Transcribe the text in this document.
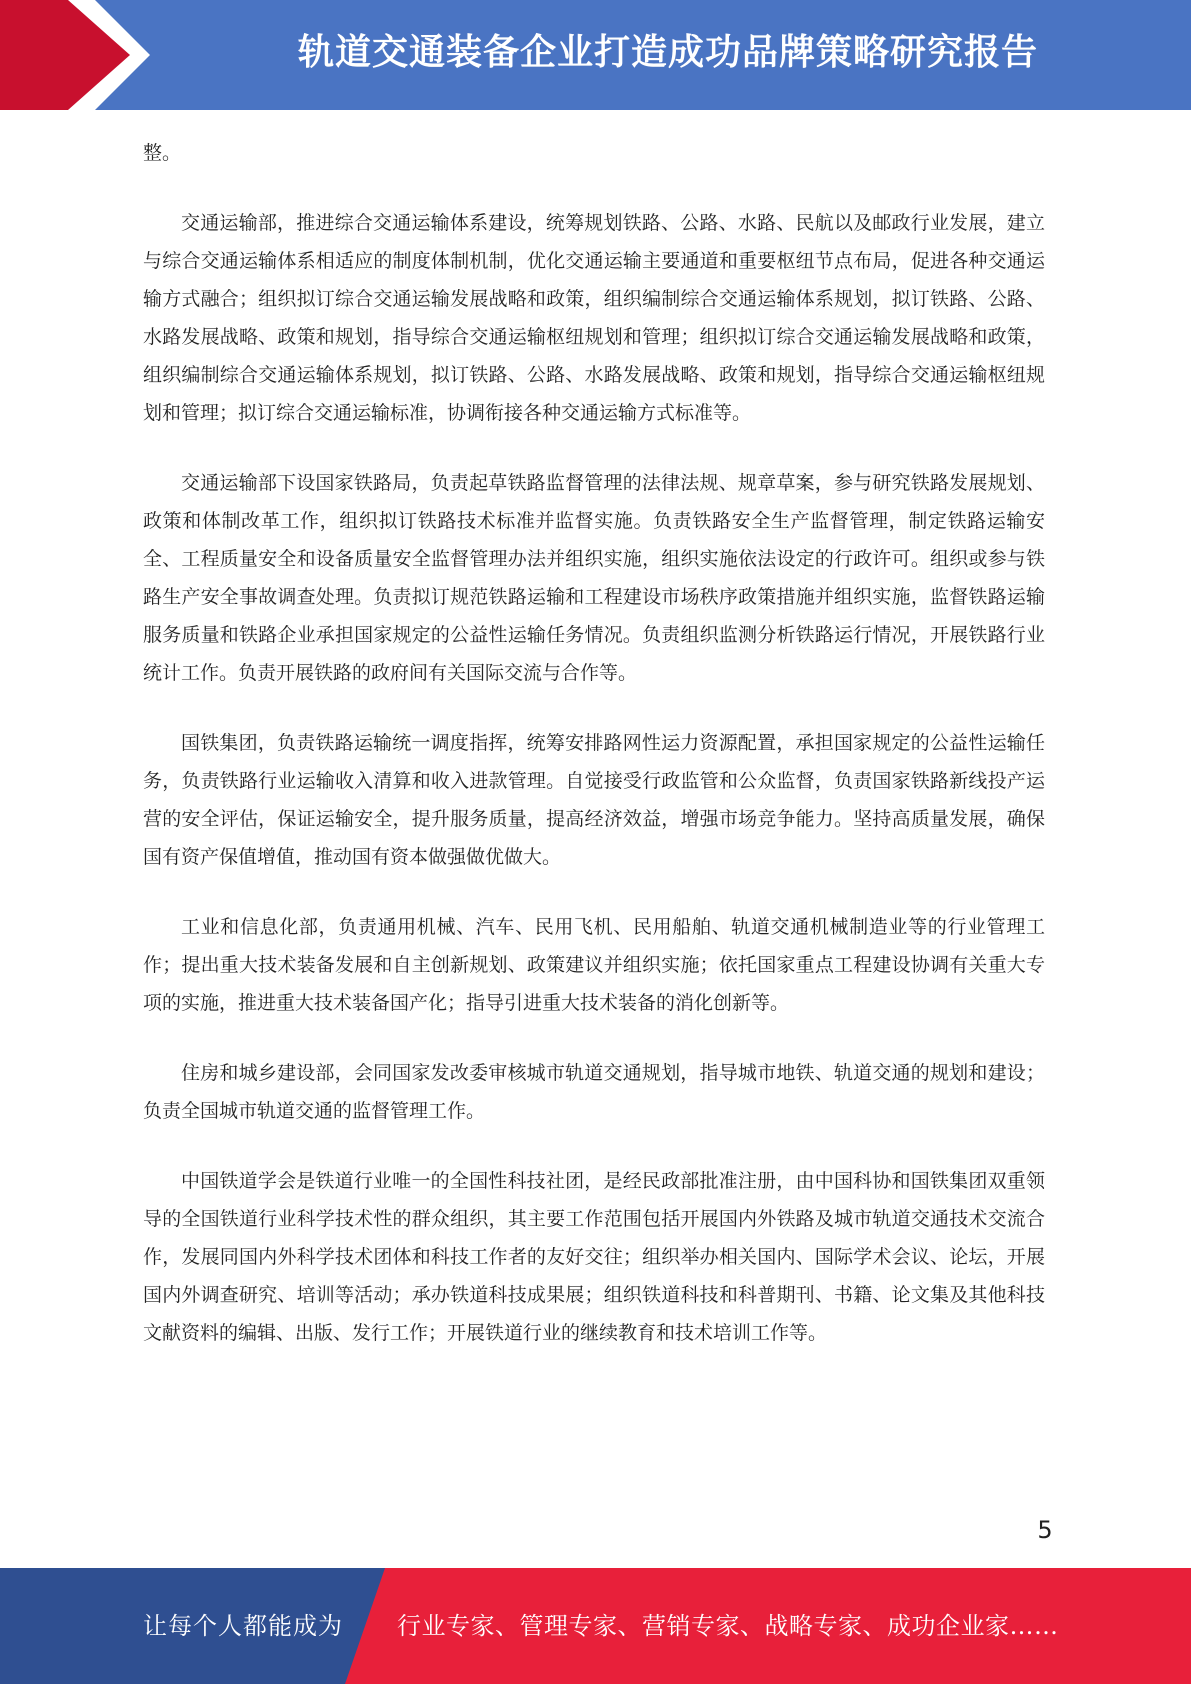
轨道交通装备企业打造成功品牌策略研究报告

整。

交通运输部，推进综合交通运输体系建设，统筹规划铁路、公路、水路、民航以及邮政行业发展，建立与综合交通运输体系相适应的制度体制机制，优化交通运输主要通道和重要枢纽节点布局，促进各种交通运输方式融合；组织拟订综合交通运输发展战略和政策，组织编制综合交通运输体系规划，拟订铁路、公路、水路发展战略、政策和规划，指导综合交通运输枢纽规划和管理；组织拟订综合交通运输发展战略和政策，组织编制综合交通运输体系规划，拟订铁路、公路、水路发展战略、政策和规划，指导综合交通运输枢纽规划和管理；拟订综合交通运输标准，协调衔接各种交通运输方式标准等。

交通运输部下设国家铁路局，负责起草铁路监督管理的法律法规、规章草案，参与研究铁路发展规划、政策和体制改革工作，组织拟订铁路技术标准并监督实施。负责铁路安全生产监督管理，制定铁路运输安全、工程质量安全和设备质量安全监督管理办法并组织实施，组织实施依法设定的行政许可。组织或参与铁路生产安全事故调查处理。负责拟订规范铁路运输和工程建设市场秩序政策措施并组织实施，监督铁路运输服务质量和铁路企业承担国家规定的公益性运输任务情况。负责组织监测分析铁路运行情况，开展铁路行业统计工作。负责开展铁路的政府间有关国际交流与合作等。

国铁集团，负责铁路运输统一调度指挥，统筹安排路网性运力资源配置，承担国家规定的公益性运输任务，负责铁路行业运输收入清算和收入进款管理。自觉接受行政监管和公众监督，负责国家铁路新线投产运营的安全评估，保证运输安全，提升服务质量，提高经济效益，增强市场竞争能力。坚持高质量发展，确保国有资产保值增值，推动国有资本做强做优做大。

工业和信息化部，负责通用机械、汽车、民用飞机、民用船舶、轨道交通机械制造业等的行业管理工作；提出重大技术装备发展和自主创新规划、政策建议并组织实施；依托国家重点工程建设协调有关重大专项的实施，推进重大技术装备国产化；指导引进重大技术装备的消化创新等。

住房和城乡建设部，会同国家发改委审核城市轨道交通规划，指导城市地铁、轨道交通的规划和建设；负责全国城市轨道交通的监督管理工作。

中国铁道学会是铁道行业唯一的全国性科技社团，是经民政部批准注册，由中国科协和国铁集团双重领导的全国铁道行业科学技术性的群众组织，其主要工作范围包括开展国内外铁路及城市轨道交通技术交流合作，发展同国内外科学技术团体和科技工作者的友好交往；组织举办相关国内、国际学术会议、论坛，开展国内外调查研究、培训等活动；承办铁道科技成果展；组织铁道科技和科普期刊、书籍、论文集及其他科技文献资料的编辑、出版、发行工作；开展铁道行业的继续教育和技术培训工作等。

5
让每个人都能成为 行业专家、管理专家、营销专家、战略专家、成功企业家……
